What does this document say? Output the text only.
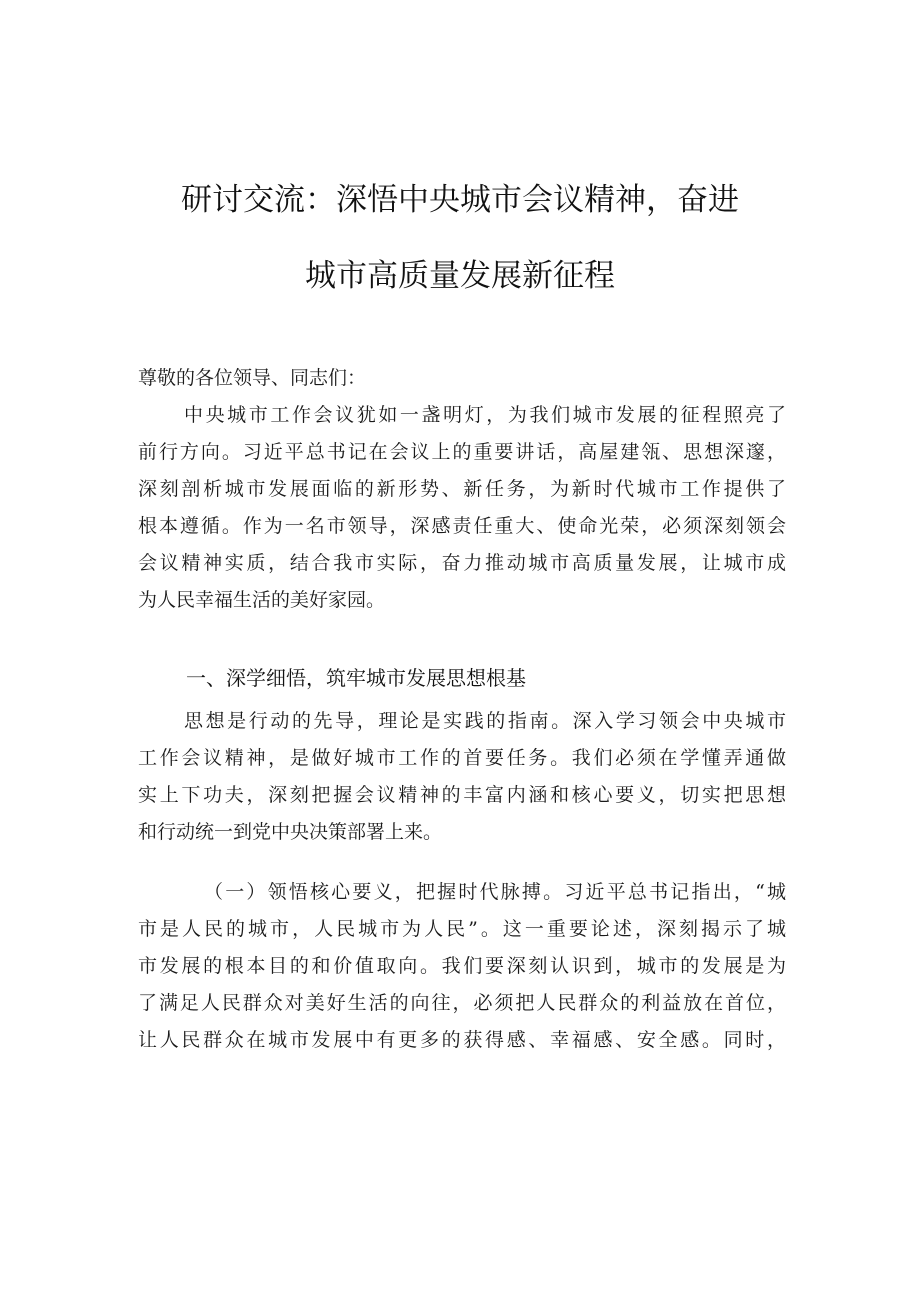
研讨交流：深悟中央城市会议精神，奋进
城市高质量发展新征程
尊敬的各位领导、同志们：
中央城市工作会议犹如一盏明灯，为我们城市发展的征程照亮了
前行方向。习近平总书记在会议上的重要讲话，高屋建瓴、思想深邃，
深刻剖析城市发展面临的新形势、新任务，为新时代城市工作提供了
根本遵循。作为一名市领导，深感责任重大、使命光荣，必须深刻领会
会议精神实质，结合我市实际，奋力推动城市高质量发展，让城市成
为人民幸福生活的美好家园。
一、深学细悟，筑牢城市发展思想根基
思想是行动的先导，理论是实践的指南。深入学习领会中央城市
工作会议精神，是做好城市工作的首要任务。我们必须在学懂弄通做
实上下功夫，深刻把握会议精神的丰富内涵和核心要义，切实把思想
和行动统一到党中央决策部署上来。
（一）领悟核心要义，把握时代脉搏。习近平总书记指出，“城
市是人民的城市，人民城市为人民”。这一重要论述，深刻揭示了城
市发展的根本目的和价值取向。我们要深刻认识到，城市的发展是为
了满足人民群众对美好生活的向往，必须把人民群众的利益放在首位，
让人民群众在城市发展中有更多的获得感、幸福感、安全感。同时，
